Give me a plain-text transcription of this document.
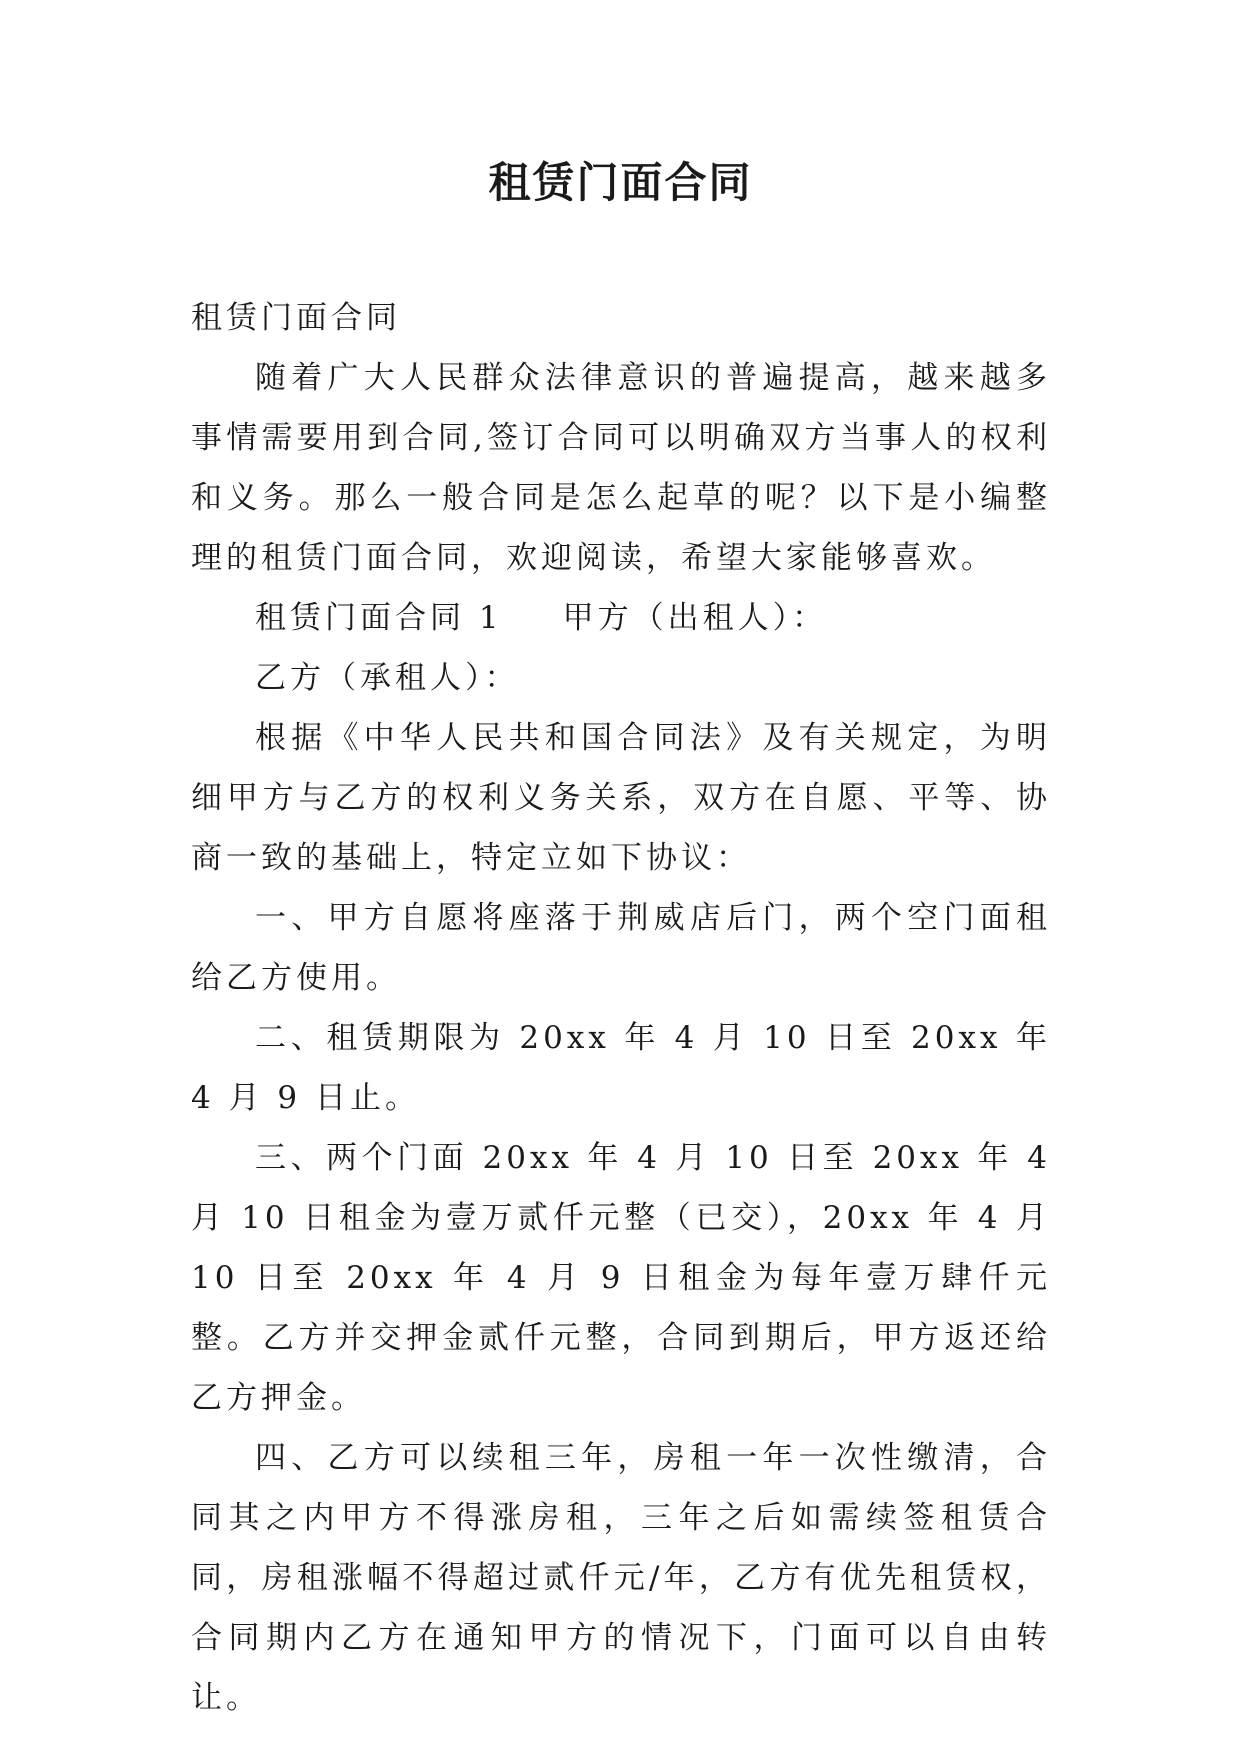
租赁门面合同

租赁门面合同

随着广大人民群众法律意识的普遍提高，越来越多事情需要用到合同,签订合同可以明确双方当事人的权利和义务。那么一般合同是怎么起草的呢？以下是小编整理的租赁门面合同，欢迎阅读，希望大家能够喜欢。

租赁门面合同 1 甲方（出租人）：

乙方（承租人）：

根据《中华人民共和国合同法》及有关规定，为明细甲方与乙方的权利义务关系，双方在自愿、平等、协商一致的基础上，特定立如下协议：

一、甲方自愿将座落于荆威店后门，两个空门面租给乙方使用。

二、租赁期限为 20xx 年 4 月 10 日至 20xx 年 4 月 9 日止。

三、两个门面 20xx 年 4 月 10 日至 20xx 年 4 月 10 日租金为壹万贰仟元整（已交），20xx 年 4 月 10 日至 20xx 年 4 月 9 日租金为每年壹万肆仟元整。乙方并交押金贰仟元整，合同到期后，甲方返还给乙方押金。

四、乙方可以续租三年，房租一年一次性缴清，合同其之内甲方不得涨房租，三年之后如需续签租赁合同，房租涨幅不得超过贰仟元/年，乙方有优先租赁权，合同期内乙方在通知甲方的情况下，门面可以自由转让。
